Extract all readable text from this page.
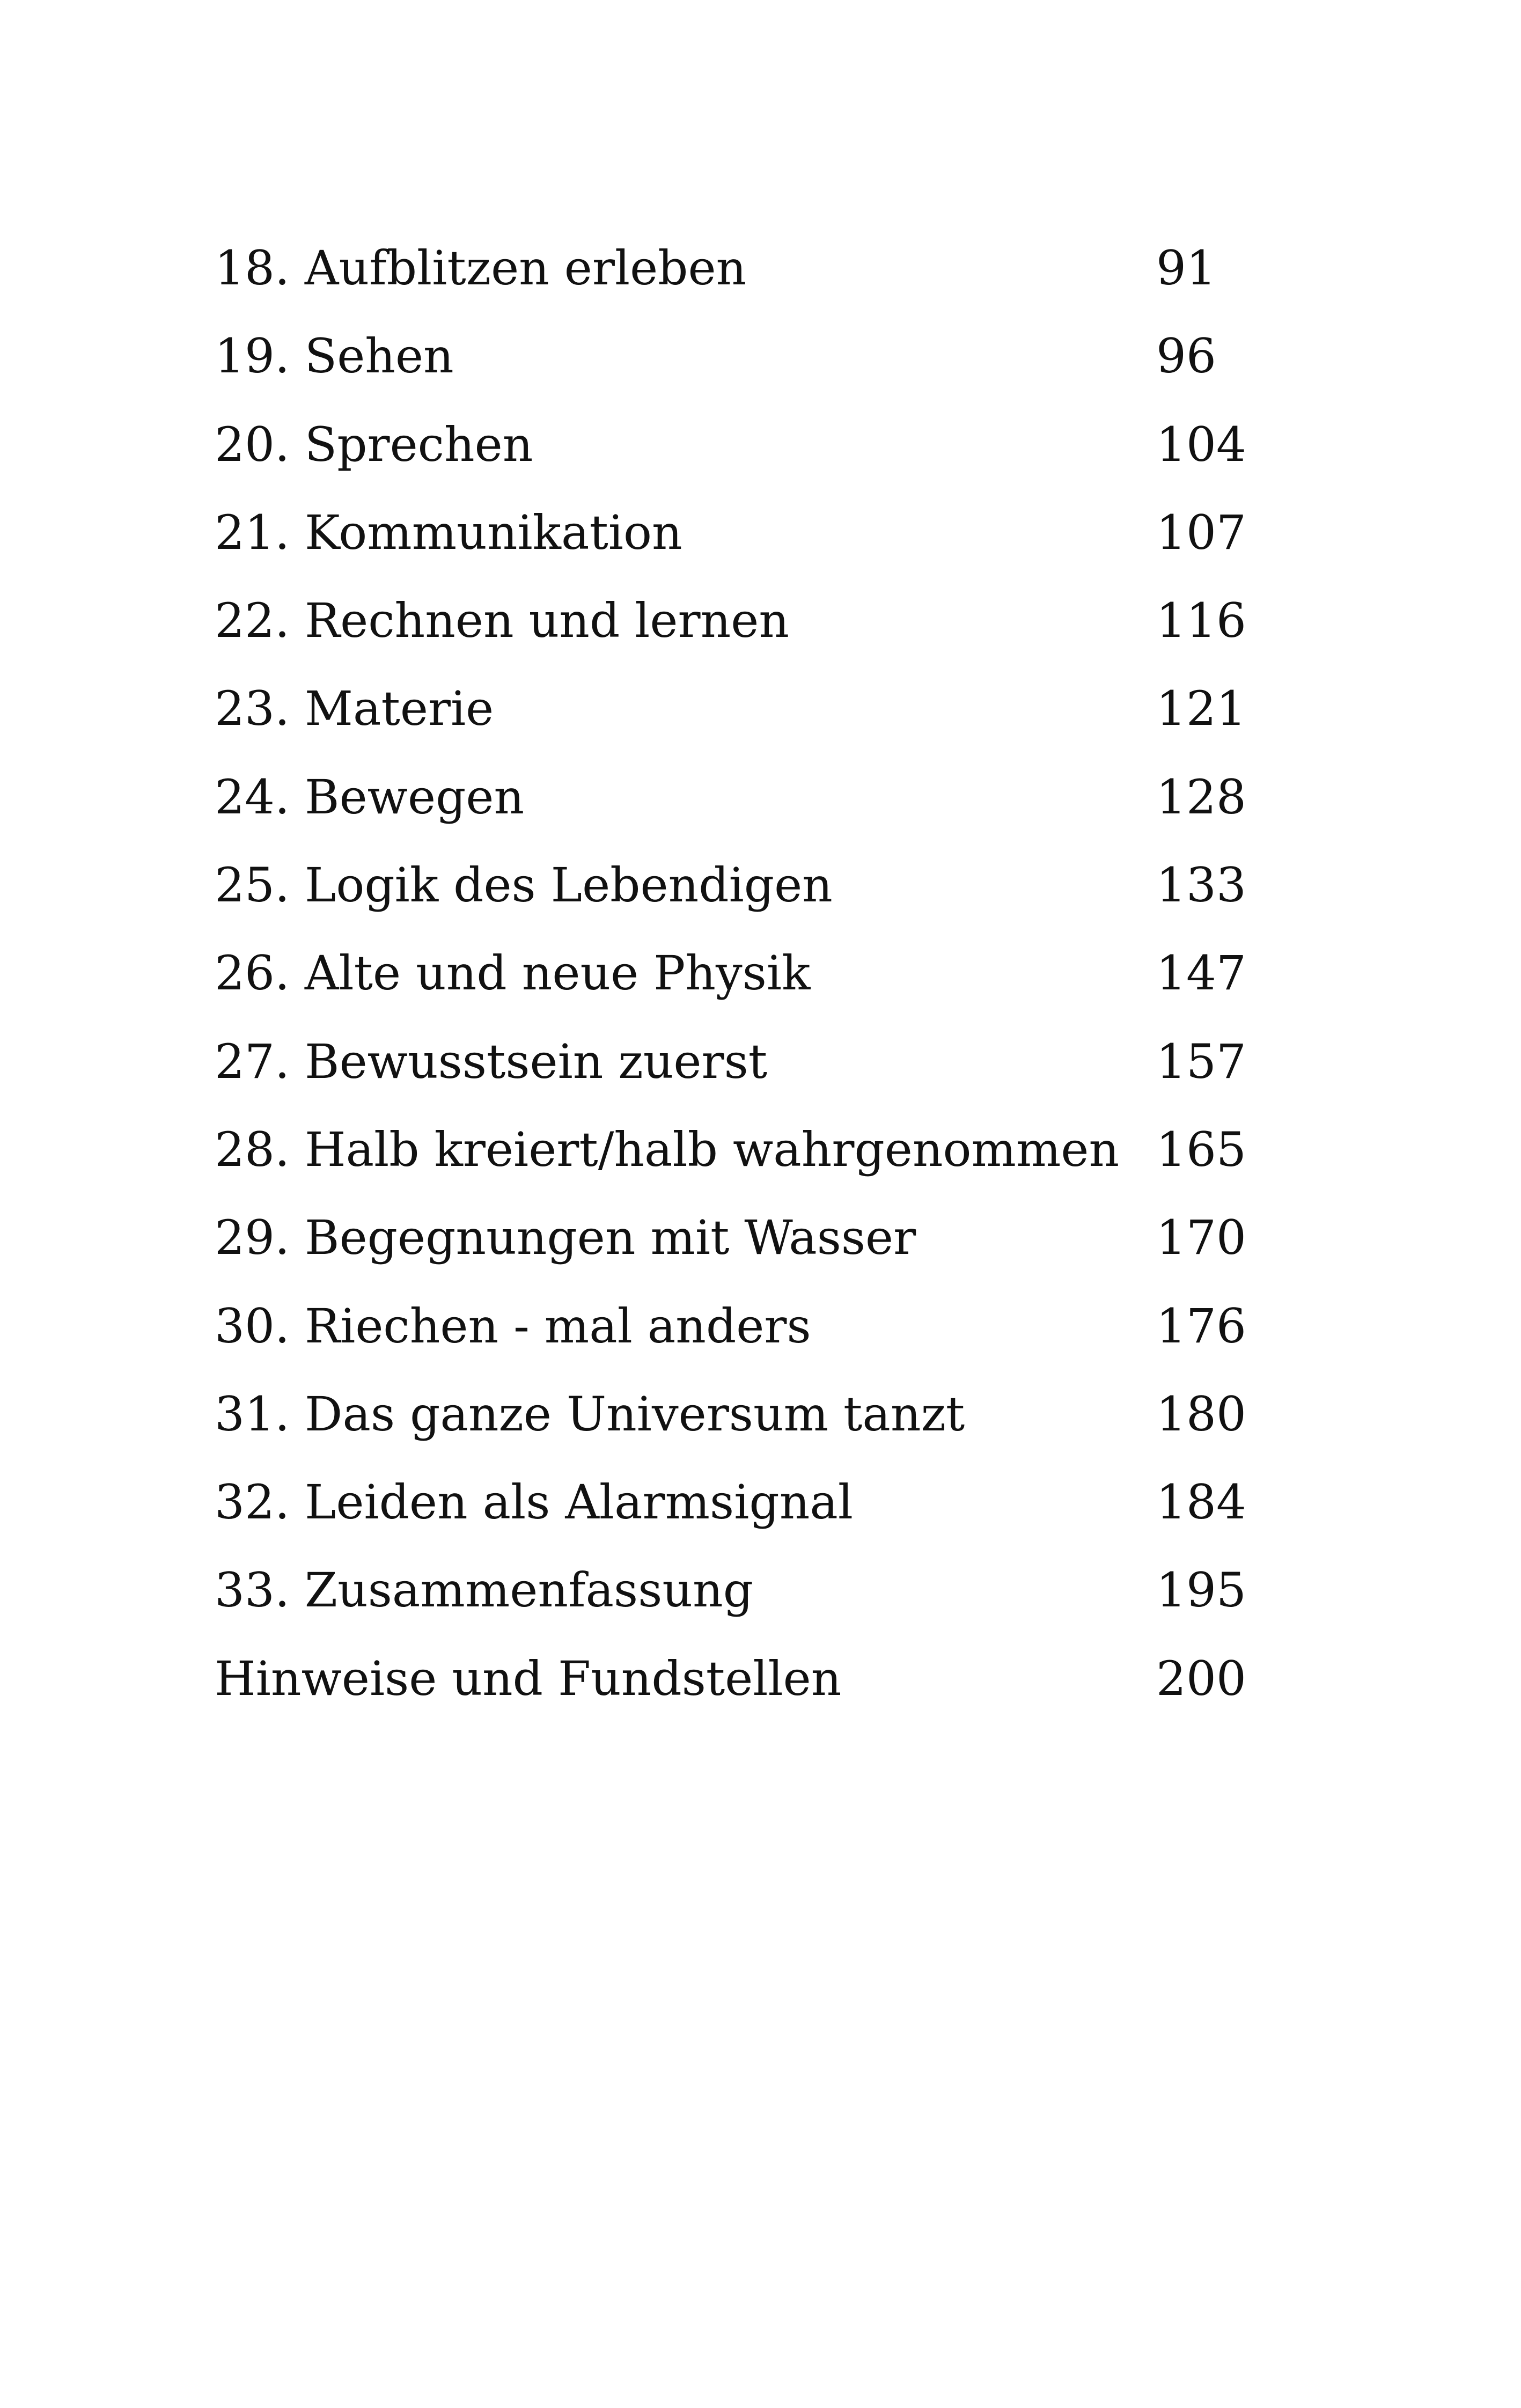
18. Aufblitzen erleben	91
19. Sehen	96
20. Sprechen	104
21. Kommunikation	107
22. Rechnen und lernen	116
23. Materie	121
24. Bewegen	128
25. Logik des Lebendigen	133
26. Alte und neue Physik	147
27. Bewusstsein zuerst	157
28. Halb kreiert/halb wahrgenommen 165
29. Begegnungen mit Wasser	170
30. Riechen - mal anders	176
31. Das ganze Universum tanzt	180
32. Leiden als Alarmsignal	184
33. Zusammenfassung	195
Hinweise und Fundstellen	200
